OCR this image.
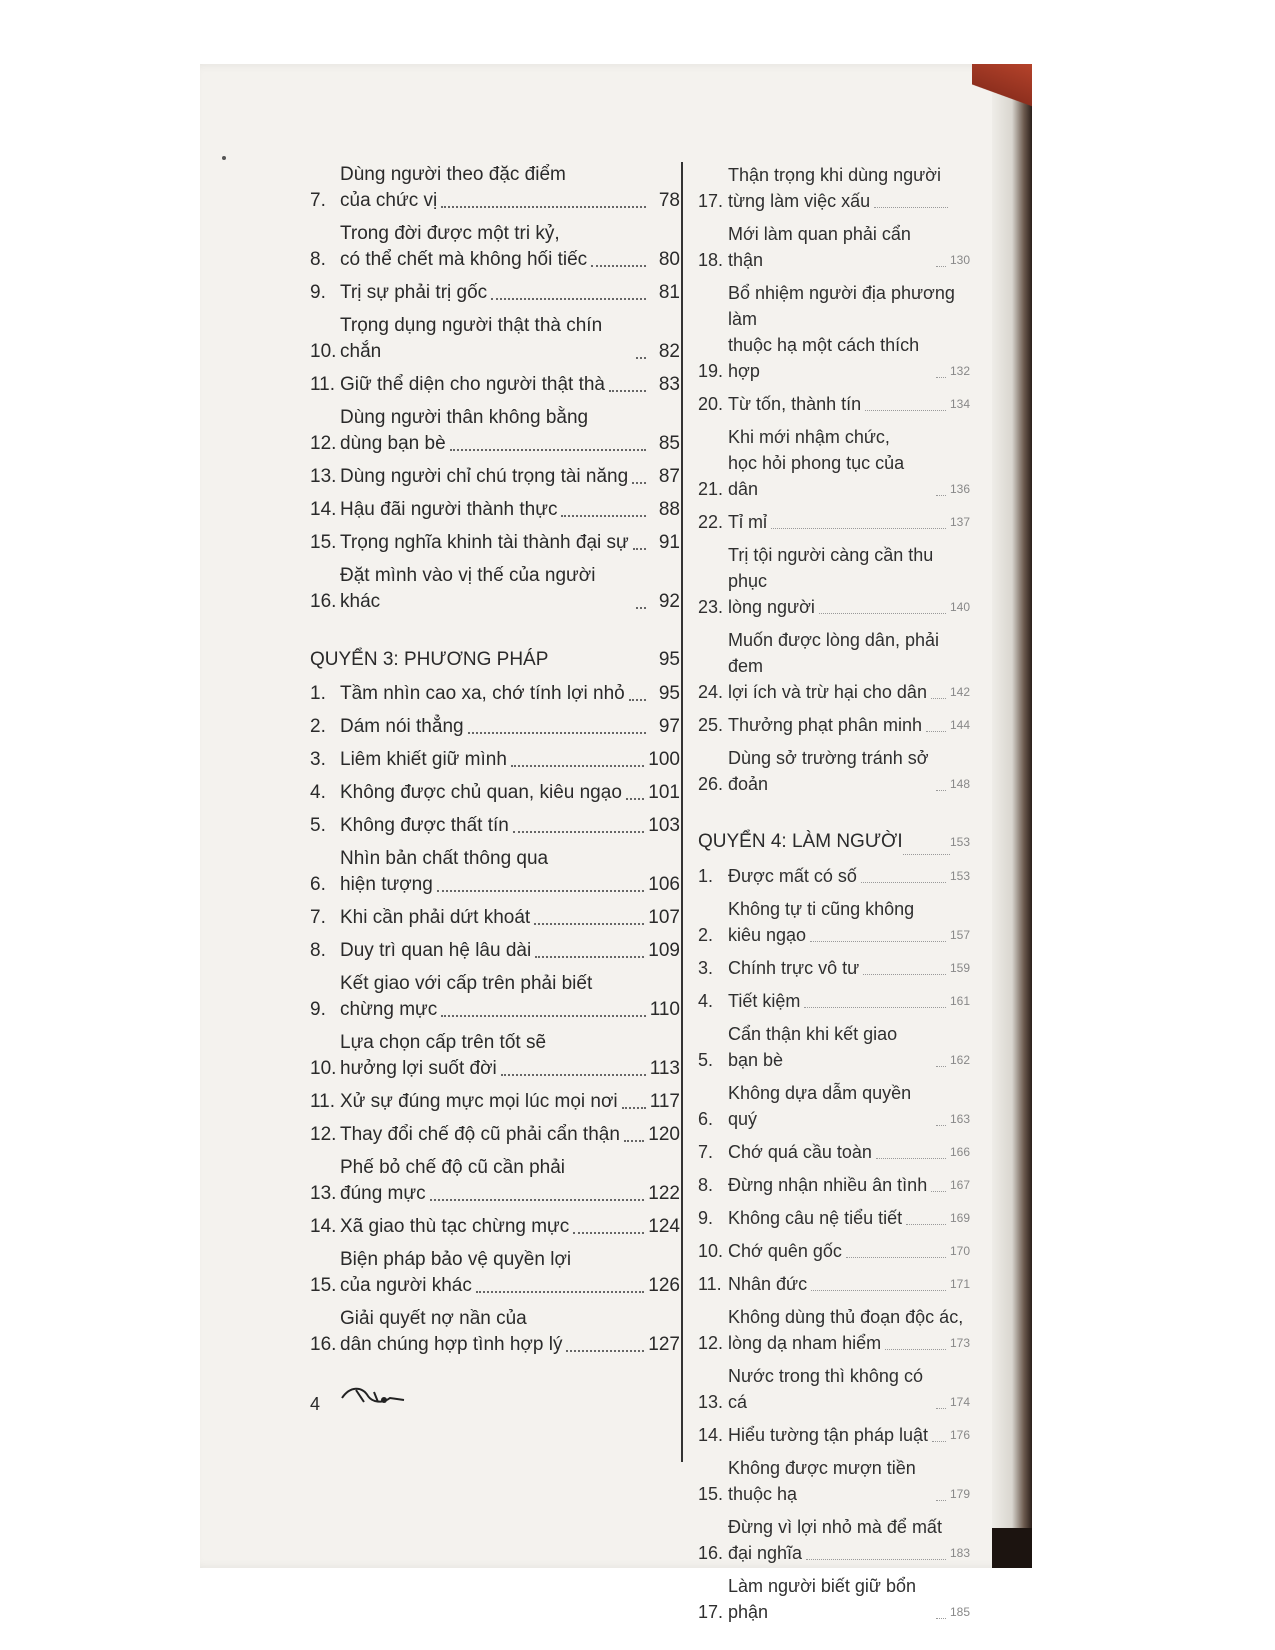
7.
Dùng người theo đặc điểm
của chức vị	78
8.
Trong đời được một tri kỷ,
có thể chết mà không hối tiếc	80
9. Trị sự phải trị gốc	81
10.
Trọng dụng người thật thà chín chắn	82
11. Giữ thể diện cho người thật thà	83
12.
Dùng người thân không bằng
dùng bạn bè	85
13. Dùng người chỉ chú trọng tài năng	87
14. Hậu đãi người thành thực	88
15. Trọng nghĩa khinh tài thành đại sự	91
16.
Đặt mình vào vị thế của người khác	92
QUYỂN 3: PHƯƠNG PHÁP	95
1. Tầm nhìn cao xa, chớ tính lợi nhỏ	95
2. Dám nói thẳng	97
3. Liêm khiết giữ mình	100
4. Không được chủ quan, kiêu ngạo 101
5. Không được thất tín	103
6.
Nhìn bản chất thông qua
hiện tượng	106
7. Khi cần phải dứt khoát	107
8. Duy trì quan hệ lâu dài	109
9.
Kết giao với cấp trên phải biết
chừng mực	110
10.
Lựa chọn cấp trên tốt sẽ
hưởng lợi suốt đời	113
11. Xử sự đúng mực mọi lúc mọi nơi 117
12. Thay đổi chế độ cũ phải cẩn thận 120
13.
Phế bỏ chế độ cũ cần phải
đúng mực	122
14. Xã giao thù tạc chừng mực	124
15.
Biện pháp bảo vệ quyền lợi
của người khác	126
16.
Giải quyết nợ nần của
dân chúng hợp tình hợp lý	127
17.
Thận trọng khi dùng người
từng làm việc xấu
18.
Mới làm quan phải cẩn thận	130
19.
Bổ nhiệm người địa phương làm
thuộc hạ một cách thích hợp	132
20. Từ tốn, thành tín	134
21.
Khi mới nhậm chức,
học hỏi phong tục của dân	136
22. Tỉ mỉ	137
23.
Trị tội người càng cần thu phục
lòng người	140
24.
Muốn được lòng dân, phải đem
lợi ích và trừ hại cho dân 142
25. Thưởng phạt phân minh 144
26.
Dùng sở trường tránh sở đoản	148
QUYỂN 4: LÀM NGƯỜI	153
1. Được mất có số	153
2.
Không tự ti cũng không
kiêu ngạo	157
3. Chính trực vô tư	159
4. Tiết kiệm	161
5.
Cẩn thận khi kết giao bạn bè	162
6.
Không dựa dẫm quyền quý	163
7. Chớ quá cầu toàn	166
8. Đừng nhận nhiều ân tình 167
9. Không câu nệ tiểu tiết	169
10. Chớ quên gốc	170
11. Nhân đức	171
12.
Không dùng thủ đoạn độc ác,
lòng dạ nham hiểm	173
13.
Nước trong thì không có cá	174
14. Hiểu tường tận pháp luật 176
15.
Không được mượn tiền thuộc hạ	179
16.
Đừng vì lợi nhỏ mà để mất
đại nghĩa	183
17.
Làm người biết giữ bổn phận	185
4
